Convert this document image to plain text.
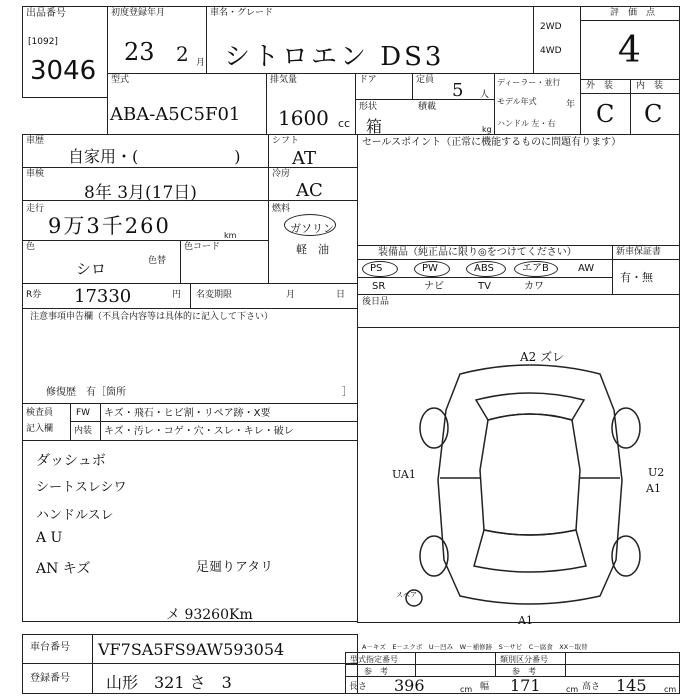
出品番号
[1092]
3046
初度登録年月
23 2 月
車名・グレード
シトロエン DS3
2WD
4WD
評　価　点
4
型式
ABA-A5C5F01
排気量
1600 cc
ドア	定員 5 人
形状
箱
積載
kg
ディーラー・並行
モデル年式	年
ハンドル 左・右
外　装	内　装
C C
車歴
自家用・(　　　　　　)
シフト
AT
車検
8年 3月(17日)
冷房
AC
走行
9万3千260	km
燃料
ガソリン
軽　油
色
シロ	色替
色コード
R券 17330	円 名変期限	月	日
注意事項申告欄（不具合内容等は具体的に記入して下さい）
修復歴　有［箇所	］
検査員
記入欄
FW キズ・飛石・ヒビ割・リペア跡・X要
内装 キズ・汚レ・コゲ・穴・スレ・キレ・破レ
ダッシュボ
シートスレシワ
ハンドルスレ
A U
AN キズ	足廻りアタリ
メ 93260Km
セールスポイント（正常に機能するものに問題有ります）
装備品（純正品に限り◎をつけてください）	新車保証書
有・無
PS	PW	ABS	エアB	AW
SR	ナビ	TV	カワ
後日品
A2 ズレ
UA1	U2
A1
A1
スペア
車台番号 VF7SA5FS9AW593054
登録番号 山形　321 さ　3
A－キズ　E－エクボ　U－凹み　W－補修跡　S－サビ　C－腐食　XX－取替
型式指定番号
参　考
類別区分番号
参　考
長さ 396	cm 幅 171	cm 高さ 145 cm
